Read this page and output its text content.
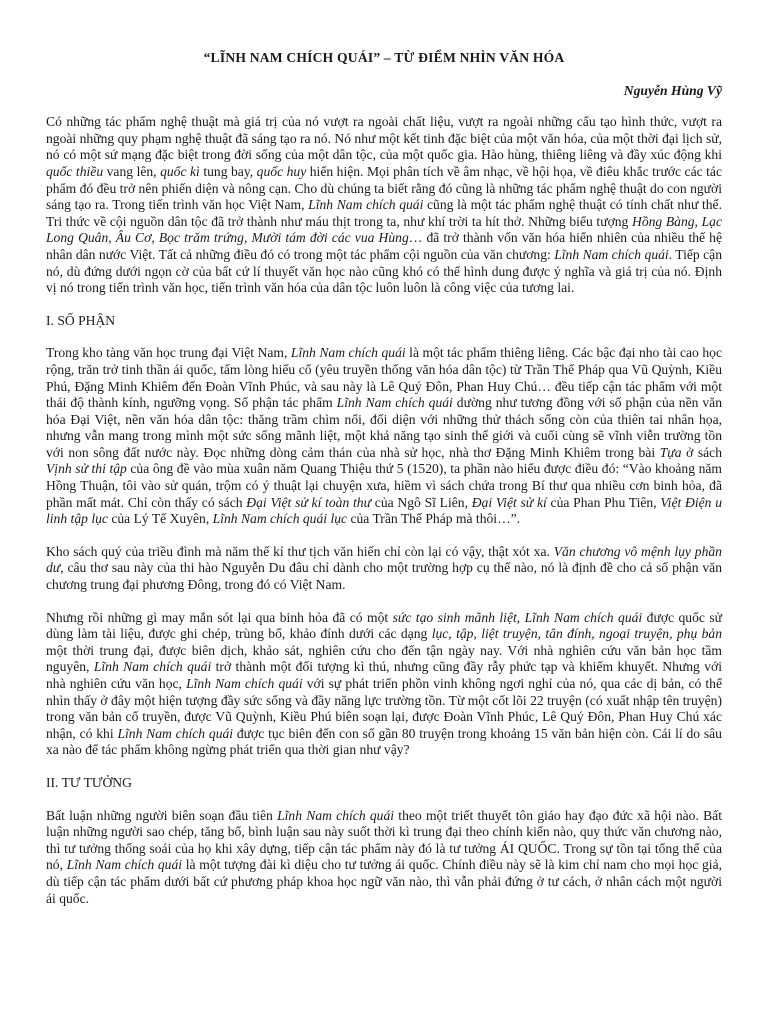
“LĨNH NAM CHÍCH QUÁI” – TỪ ĐIỂM NHÌN VĂN HÓA
Nguyễn Hùng Vỹ

Có những tác phẩm nghệ thuật mà giá trị của nó vượt ra ngoài chất liệu, vượt ra ngoài những cấu tạo hình thức, vượt ra ngoài những quy phạm nghệ thuật đã sáng tạo ra nó. Nó như một kết tinh đặc biệt của một văn hóa, của một thời đại lịch sử, nó có một sứ mạng đặc biệt trong đời sống của một dân tộc, của một quốc gia. Hào hùng, thiêng liêng và đầy xúc động khi quốc thiều vang lên, quốc kì tung bay, quốc huy hiển hiện. Mọi phân tích về âm nhạc, về hội họa, về điêu khắc trước các tác phẩm đó đều trở nên phiến diện và nông cạn. Cho dù chúng ta biết rằng đó cũng là những tác phẩm nghệ thuật do con người sáng tạo ra. Trong tiến trình văn học Việt Nam, Lĩnh Nam chích quái cũng là một tác phẩm nghệ thuật có tính chất như thế. Tri thức về cội nguồn dân tộc đã trở thành như máu thịt trong ta, như khí trời ta hít thở. Những biểu tượng Hồng Bàng, Lạc Long Quân, Âu Cơ, Bọc trăm trứng, Mười tám đời các vua Hùng… đã trở thành vốn văn hóa hiển nhiên của nhiều thế hệ nhân dân nước Việt. Tất cả những điều đó có trong một tác phẩm cội nguồn của văn chương: Lĩnh Nam chích quái. Tiếp cận nó, dù đứng dưới ngọn cờ của bất cứ lí thuyết văn học nào cũng khó có thể hình dung được ý nghĩa và giá trị của nó. Định vị nó trong tiến trình văn học, tiến trình văn hóa của dân tộc luôn luôn là công việc của tương lai.

I. SỐ PHẬN

Trong kho tàng văn học trung đại Việt Nam, Lĩnh Nam chích quái là một tác phẩm thiêng liêng. Các bậc đại nho tài cao học rộng, trăn trở tinh thần ái quốc, tấm lòng hiếu cổ (yêu truyền thống văn hóa dân tộc) từ Trần Thế Pháp qua Vũ Quỳnh, Kiều Phú, Đặng Minh Khiêm đến Đoàn Vĩnh Phúc, và sau này là Lê Quý Đôn, Phan Huy Chú… đều tiếp cận tác phẩm với một thái độ thành kính, ngưỡng vọng. Số phận tác phẩm Lĩnh Nam chích quái dường như tương đồng với số phận của nền văn hóa Đại Việt, nền văn hóa dân tộc: thăng trầm chìm nổi, đối diện với những thử thách sống còn của thiên tai nhân họa, nhưng vẫn mang trong mình một sức sống mãnh liệt, một khả năng tạo sinh thế giới và cuối cùng sẽ vĩnh viễn trường tồn với non sông đất nước này. Đọc những dòng cảm thán của nhà sử học, nhà thơ Đặng Minh Khiêm trong bài Tựa ở sách Vịnh sử thi tập của ông đề vào mùa xuân năm Quang Thiệu thứ 5 (1520), ta phần nào hiểu được điều đó: “Vào khoảng năm Hồng Thuận, tôi vào sử quán, trộm có ý thuật lại chuyện xưa, hiềm vì sách chứa trong Bí thư qua nhiều cơn binh hỏa, đã phần mất mát. Chỉ còn thấy có sách Đại Việt sử kí toàn thư của Ngô Sĩ Liên, Đại Việt sử kí của Phan Phu Tiên, Việt Điện u linh tập lục của Lý Tế Xuyên, Lĩnh Nam chích quái lục của Trần Thế Pháp mà thôi…”.

Kho sách quý của triều đình mà năm thế kỉ thư tịch văn hiến chỉ còn lại có vậy, thật xót xa. Văn chương vô mệnh lụy phần dư, câu thơ sau này của thi hào Nguyễn Du đâu chỉ dành cho một trường hợp cụ thể nào, nó là định đề cho cả số phận văn chương trung đại phương Đông, trong đó có Việt Nam.

Nhưng rồi những gì may mắn sót lại qua binh hỏa đã có một sức tạo sinh mãnh liệt, Lĩnh Nam chích quái được quốc sử dùng làm tài liệu, được ghi chép, trùng bổ, khảo đính dưới các dạng lục, tập, liệt truyện, tân đính, ngoại truyện, phụ bản một thời trung đại, được biên dịch, khảo sát, nghiên cứu cho đến tận ngày nay. Với nhà nghiên cứu văn bản học tầm nguyên, Lĩnh Nam chích quái trở thành một đối tượng kì thú, nhưng cũng đầy rẫy phức tạp và khiếm khuyết. Nhưng với nhà nghiên cứu văn học, Lĩnh Nam chích quái với sự phát triển phồn vinh không ngơi nghỉ của nó, qua các dị bản, có thể nhìn thấy ở đây một hiện tượng đầy sức sống và đầy năng lực trường tồn. Từ một cốt lõi 22 truyện (có xuất nhập tên truyện) trong văn bản cổ truyền, được Vũ Quỳnh, Kiều Phú biên soạn lại, được Đoàn Vĩnh Phúc, Lê Quý Đôn, Phan Huy Chú xác nhận, có khi Lĩnh Nam chích quái được tục biên đến con số gần 80 truyện trong khoảng 15 văn bản hiện còn. Cái lí do sâu xa nào để tác phẩm không ngừng phát triển qua thời gian như vậy?

II. TƯ TƯỞNG

Bất luận những người biên soạn đầu tiên Lĩnh Nam chích quái theo một triết thuyết tôn giáo hay đạo đức xã hội nào. Bất luận những người sao chép, tăng bổ, bình luận sau này suốt thời kì trung đại theo chính kiến nào, quy thức văn chương nào, thì tư tưởng thống soái của họ khi xây dựng, tiếp cận tác phẩm này đó là tư tưởng ÁI QUỐC. Trong sự tồn tại tổng thể của nó, Lĩnh Nam chích quái là một tượng đài kì diệu cho tư tưởng ái quốc. Chính điều này sẽ là kim chỉ nam cho mọi học giả, dù tiếp cận tác phẩm dưới bất cứ phương pháp khoa học ngữ văn nào, thì vẫn phải đứng ở tư cách, ở nhân cách một người ái quốc.
